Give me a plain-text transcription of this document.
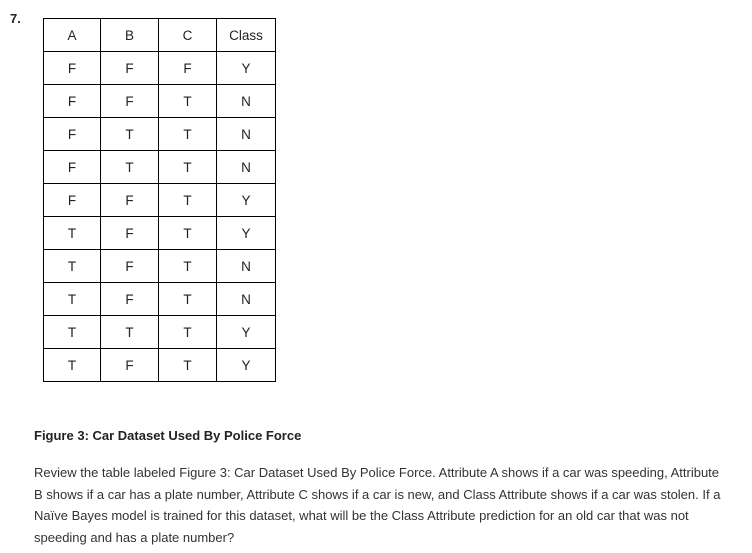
7.
A	B	C	Class
F	F	F	Y
F	F	T	N
F	T	T	N
F	T	T	N
F	F	T	Y
T	F	T	Y
T	F	T	N
T	F	T	N
T	T	T	Y
T	F	T	Y
Figure 3: Car Dataset Used By Police Force
Review the table labeled Figure 3: Car Dataset Used By Police Force. Attribute A shows if a car was speeding, Attribute B shows if a car has a plate number, Attribute C shows if a car is new, and Class Attribute shows if a car was stolen. If a Naïve Bayes model is trained for this dataset, what will be the Class Attribute prediction for an old car that was not speeding and has a plate number?
